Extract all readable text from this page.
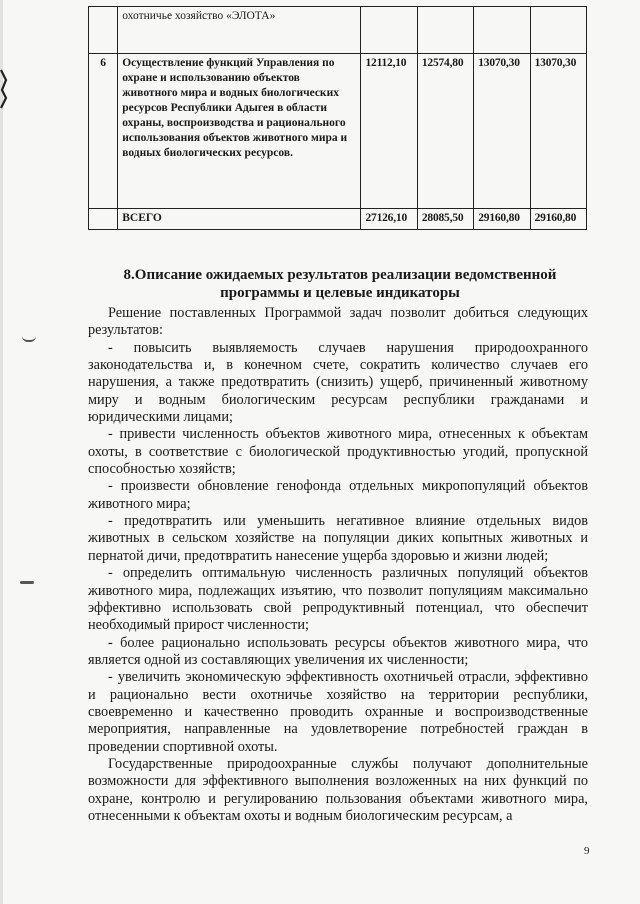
	охотничье хозяйство «ЭЛОТА»				
6	Осуществление функций Управления по охране и использованию объектов животного мира и водных биологических ресурсов Республики Адыгея в области охраны, воспроизводства и рационального использования объектов животного мира и водных биологических ресурсов.	12112,10	12574,80	13070,30	13070,30
	ВСЕГО	27126,10	28085,50	29160,80	29160,80
8.Описание ожидаемых результатов реализации ведомственной программы и целевые индикаторы

Решение поставленных Программой задач позволит добиться следующих результатов:

- повысить выявляемость случаев нарушения природоохранного законодательства и, в конечном счете, сократить количество случаев его нарушения, а также предотвратить (снизить) ущерб, причиненный животному миру и водным биологическим ресурсам республики гражданами и юридическими лицами;

- привести численность объектов животного мира, отнесенных к объектам охоты, в соответствие с биологической продуктивностью угодий, пропускной способностью хозяйств;

- произвести обновление генофонда отдельных микропопуляций объектов животного мира;

- предотвратить или уменьшить негативное влияние отдельных видов животных в сельском хозяйстве на популяции диких копытных животных и пернатой дичи, предотвратить нанесение ущерба здоровью и жизни людей;

- определить оптимальную численность различных популяций объектов животного мира, подлежащих изъятию, что позволит популяциям максимально эффективно использовать свой репродуктивный потенциал, что обеспечит необходимый прирост численности;

- более рационально использовать ресурсы объектов животного мира, что является одной из составляющих увеличения их численности;

- увеличить экономическую эффективность охотничьей отрасли, эффективно и рационально вести охотничье хозяйство на территории республики, своевременно и качественно проводить охранные и воспроизводственные мероприятия, направленные на удовлетворение потребностей граждан в проведении спортивной охоты.

Государственные природоохранные службы получают дополнительные возможности для эффективного выполнения возложенных на них функций по охране, контролю и регулированию пользования объектами животного мира, отнесенными к объектам охоты и водным биологическим ресурсам, а

9
